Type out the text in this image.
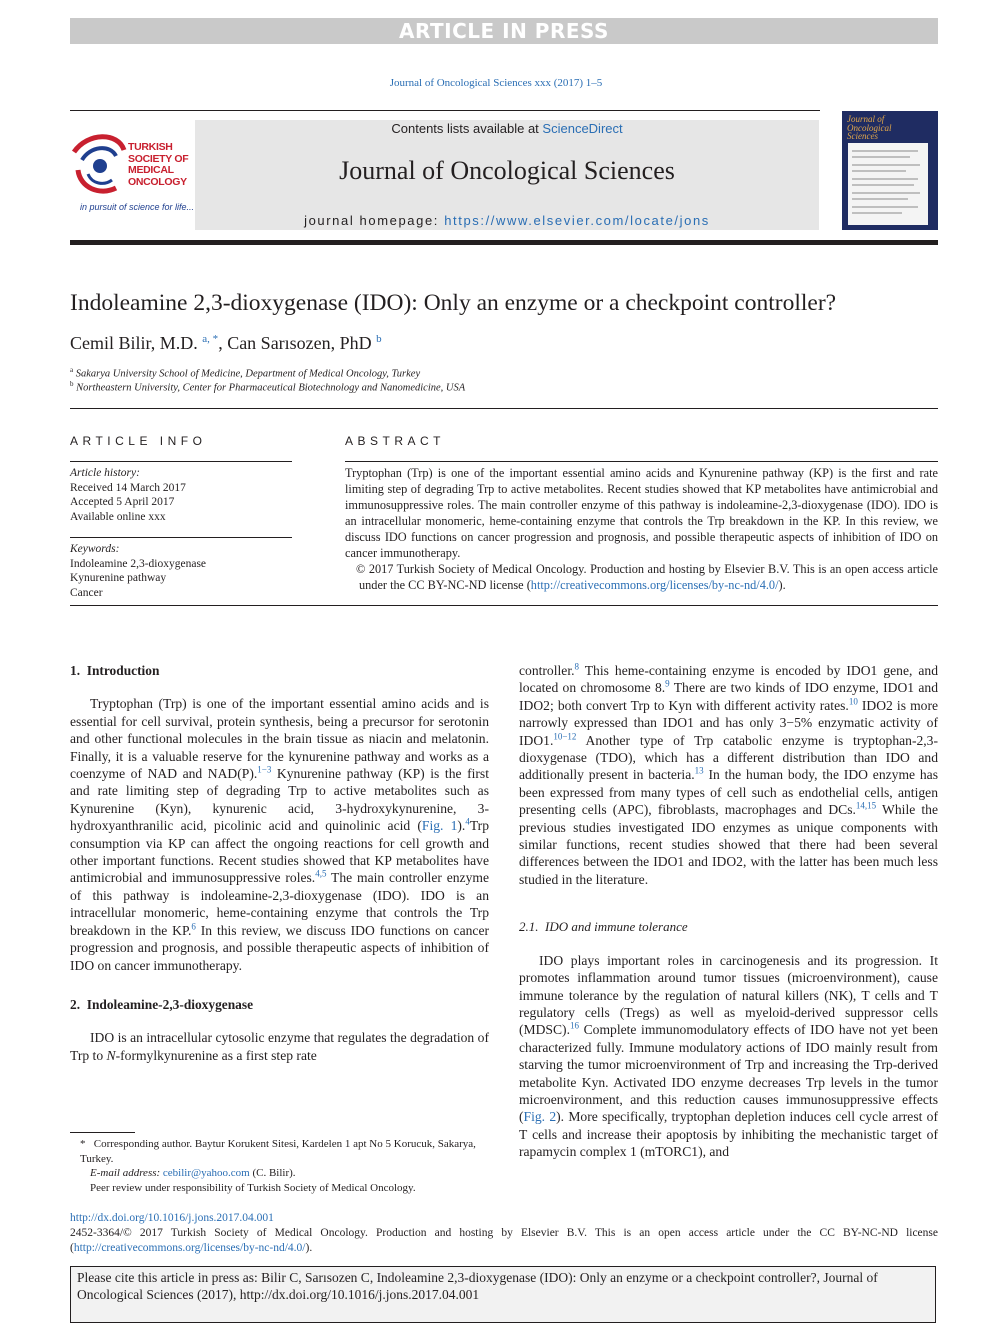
ARTICLE IN PRESS
Journal of Oncological Sciences xxx (2017) 1–5
Contents lists available at ScienceDirect
Journal of Oncological Sciences
journal homepage: https://www.elsevier.com/locate/jons
TURKISH
SOCIETY OF
MEDICAL
ONCOLOGY
in pursuit of science for life...
Journal of
Oncological
Sciences
Indoleamine 2,3-dioxygenase (IDO): Only an enzyme or a checkpoint controller?
Cemil Bilir, M.D. $^{a, *}$, Can Sarısozen, PhD $^b$
$^a$ Sakarya University School of Medicine, Department of Medical Oncology, Turkey
$^b$ Northeastern University, Center for Pharmaceutical Biotechnology and Nanomedicine, USA
ARTICLE INFO
Article history:
Received 14 March 2017
Accepted 5 April 2017
Available online xxx
Keywords:
Indoleamine 2,3-dioxygenase
Kynurenine pathway
Cancer
ABSTRACT
Tryptophan (Trp) is one of the important essential amino acids and Kynurenine pathway (KP) is the first and rate limiting step of degrading Trp to active metabolites. Recent studies showed that KP metabolites have antimicrobial and immunosuppressive roles. The main controller enzyme of this pathway is indoleamine-2,3-dioxygenase (IDO). IDO is an intracellular monomeric, heme-containing enzyme that controls the Trp breakdown in the KP. In this review, we discuss IDO functions on cancer progression and prognosis, and possible therapeutic aspects of inhibition of IDO on cancer immunotherapy.
© 2017 Turkish Society of Medical Oncology. Production and hosting by Elsevier B.V. This is an open access article under the CC BY-NC-ND license (http://creativecommons.org/licenses/by-nc-nd/4.0/).
1. Introduction

Tryptophan (Trp) is one of the important essential amino acids and is essential for cell survival, protein synthesis, being a precursor for serotonin and other functional molecules in the brain tissue as niacin and melatonin. Finally, it is a valuable reserve for the kynurenine pathway and works as a coenzyme of NAD and NAD(P).$^{1-3}$ Kynurenine pathway (KP) is the first and rate limiting step of degrading Trp to active metabolites such as Kynurenine (Kyn), kynurenic acid, 3-hydroxykynurenine, 3-hydroxyanthranilic acid, picolinic acid and quinolinic acid (Fig. 1).$^4$Trp consumption via KP can affect the ongoing reactions for cell growth and other important functions. Recent studies showed that KP metabolites have antimicrobial and immunosuppressive roles.$^{4,5}$ The main controller enzyme of this pathway is indoleamine-2,3-dioxygenase (IDO). IDO is an intracellular monomeric, heme-containing enzyme that controls the Trp breakdown in the KP.$^6$ In this review, we discuss IDO functions on cancer progression and prognosis, and possible therapeutic aspects of inhibition of IDO on cancer immunotherapy.

2. Indoleamine-2,3-dioxygenase

IDO is an intracellular cytosolic enzyme that regulates the degradation of Trp to N-formylkynurenine as a first step rate

*  Corresponding author. Baytur Korukent Sitesi, Kardelen 1 apt No 5 Korucuk, Sakarya, Turkey.
E-mail address: cebilir@yahoo.com (C. Bilir).
Peer review under responsibility of Turkish Society of Medical Oncology.

controller.$^8$ This heme-containing enzyme is encoded by IDO1 gene, and located on chromosome 8.$^9$ There are two kinds of IDO enzyme, IDO1 and IDO2; both convert Trp to Kyn with different activity rates.$^{10}$ IDO2 is more narrowly expressed than IDO1 and has only 3−5% enzymatic activity of IDO1.$^{10-12}$ Another type of Trp catabolic enzyme is tryptophan-2,3-dioxygenase (TDO), which has a different distribution than IDO and additionally present in bacteria.$^{13}$ In the human body, the IDO enzyme has been expressed from many types of cell such as endothelial cells, antigen presenting cells (APC), fibroblasts, macrophages and DCs.$^{14,15}$ While the previous studies investigated IDO enzymes as unique components with similar functions, recent studies showed that there had been several differences between the IDO1 and IDO2, with the latter has been much less studied in the literature.

2.1. IDO and immune tolerance

IDO plays important roles in carcinogenesis and its progression. It promotes inflammation around tumor tissues (microenvironment), cause immune tolerance by the regulation of natural killers (NK), T cells and T regulatory cells (Tregs) as well as myeloid-derived suppressor cells (MDSC).$^{16}$ Complete immunomodulatory effects of IDO have not yet been characterized fully. Immune modulatory actions of IDO mainly result from starving the tumor microenvironment of Trp and increasing the Trp-derived metabolite Kyn. Activated IDO enzyme decreases Trp levels in the tumor microenvironment, and this reduction causes immunosuppressive effects (Fig. 2). More specifically, tryptophan depletion induces cell cycle arrest of T cells and increase their apoptosis by inhibiting the mechanistic target of rapamycin complex 1 (mTORC1), and

http://dx.doi.org/10.1016/j.jons.2017.04.001
2452-3364/© 2017 Turkish Society of Medical Oncology. Production and hosting by Elsevier B.V. This is an open access article under the CC BY-NC-ND license (http://creativecommons.org/licenses/by-nc-nd/4.0/).
Please cite this article in press as: Bilir C, Sarısozen C, Indoleamine 2,3-dioxygenase (IDO): Only an enzyme or a checkpoint controller?, Journal of Oncological Sciences (2017), http://dx.doi.org/10.1016/j.jons.2017.04.001
